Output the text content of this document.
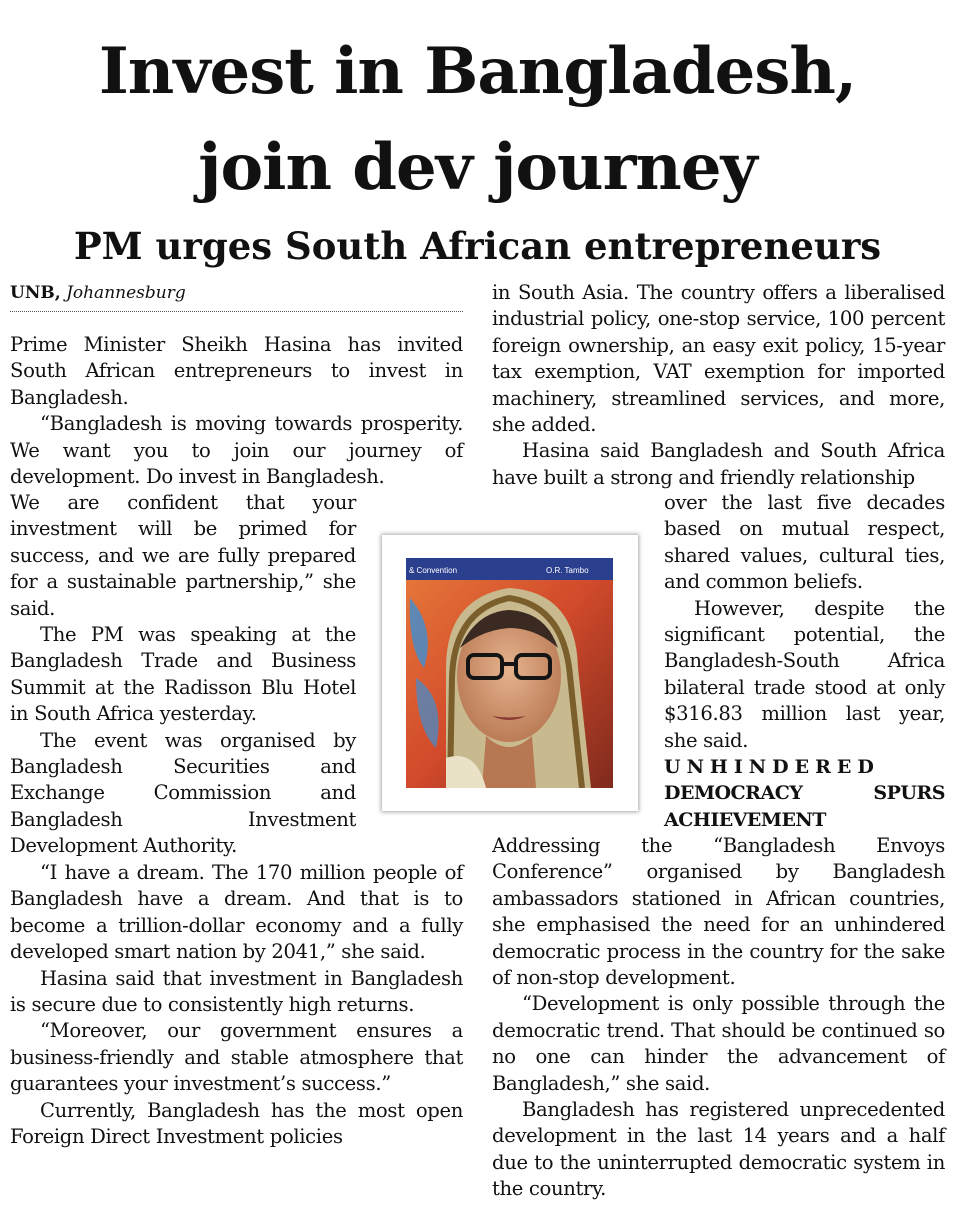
Invest in Bangladesh,
join dev journey
PM urges South African entrepreneurs
UNB, Johannesburg

Prime Minister Sheikh Hasina has invited South African entrepreneurs to invest in Bangladesh.

“Bangladesh is moving towards prosperity. We want you to join our journey of development. Do invest in Bangladesh.

We are confident that your investment will be primed for success, and we are fully prepared for a sustainable partnership,” she said.

The PM was speaking at the Bangladesh Trade and Business Summit at the Radisson Blu Hotel in South Africa yesterday.

The event was organised by Bangladesh Securities and Exchange Commission and Bangladesh Investment Development Authority.

“I have a dream. The 170 million people of Bangladesh have a dream. And that is to become a trillion-dollar economy and a fully developed smart nation by 2041,” she said.

Hasina said that investment in Bangladesh is secure due to consistently high returns.

“Moreover, our government ensures a business-friendly and stable atmosphere that guarantees your investment’s success.”

Currently, Bangladesh has the most open Foreign Direct Investment policies

in South Asia. The country offers a liberalised industrial policy, one-stop service, 100 percent foreign ownership, an easy exit policy, 15-year tax exemption, VAT exemption for imported machinery, streamlined services, and more, she added.

Hasina said Bangladesh and South Africa have built a strong and friendly relationship

over the last five decades based on mutual respect, shared values, cultural ties, and common beliefs.

However, despite the significant potential, the Bangladesh-South Africa bilateral trade stood at only $316.83 million last year, she said.

UNHINDERED
DEMOCRACY SPURS
ACHIEVEMENT

Addressing the “Bangladesh Envoys Conference” organised by Bangladesh ambassadors stationed in African countries, she emphasised the need for an unhindered democratic process in the country for the sake of non-stop development.

“Development is only possible through the democratic trend. That should be continued so no one can hinder the advancement of Bangladesh,” she said.

Bangladesh has registered unprecedented development in the last 14 years and a half due to the uninterrupted democratic system in the country.

& Convention	O.R. Tambo
